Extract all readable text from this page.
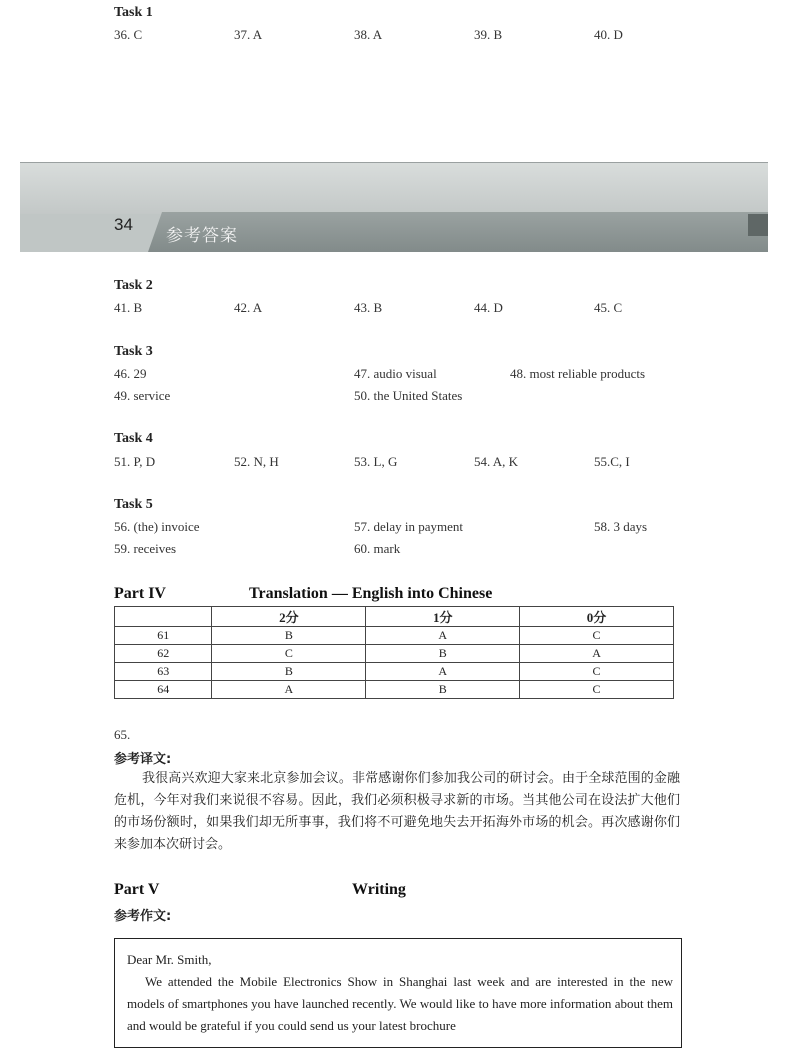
Task 1
36. C	37. A	38. A	39. B	40. D
34
参考答案
Task 2
41. B	42. A	43. B	44. D	45. C
Task 3
46. 29	47. audio visual	48. most reliable products
49. service	50. the United States
Task 4
51. P, D	52. N, H	53. L, G	54. A, K	55.C, I
Task 5
56. (the) invoice	57. delay in payment	58. 3 days
59. receives	60. mark
Part IV	Translation — English into Chinese
	2分	1分	0分
61	B	A	C
62	C	B	A
63	B	A	C
64	A	B	C
65.
参考译文:
我很高兴欢迎大家来北京参加会议。非常感谢你们参加我公司的研讨会。由于全球范围的金融危机，今年对我们来说很不容易。因此，我们必须积极寻求新的市场。当其他公司在设法扩大他们的市场份额时，如果我们却无所事事，我们将不可避免地失去开拓海外市场的机会。再次感谢你们来参加本次研讨会。
Part V	Writing
参考作文:
Dear Mr. Smith,
We attended the Mobile Electronics Show in Shanghai last week and are interested in the new models of smartphones you have launched recently. We would like to have more information about them and would be grateful if you could send us your latest brochure
